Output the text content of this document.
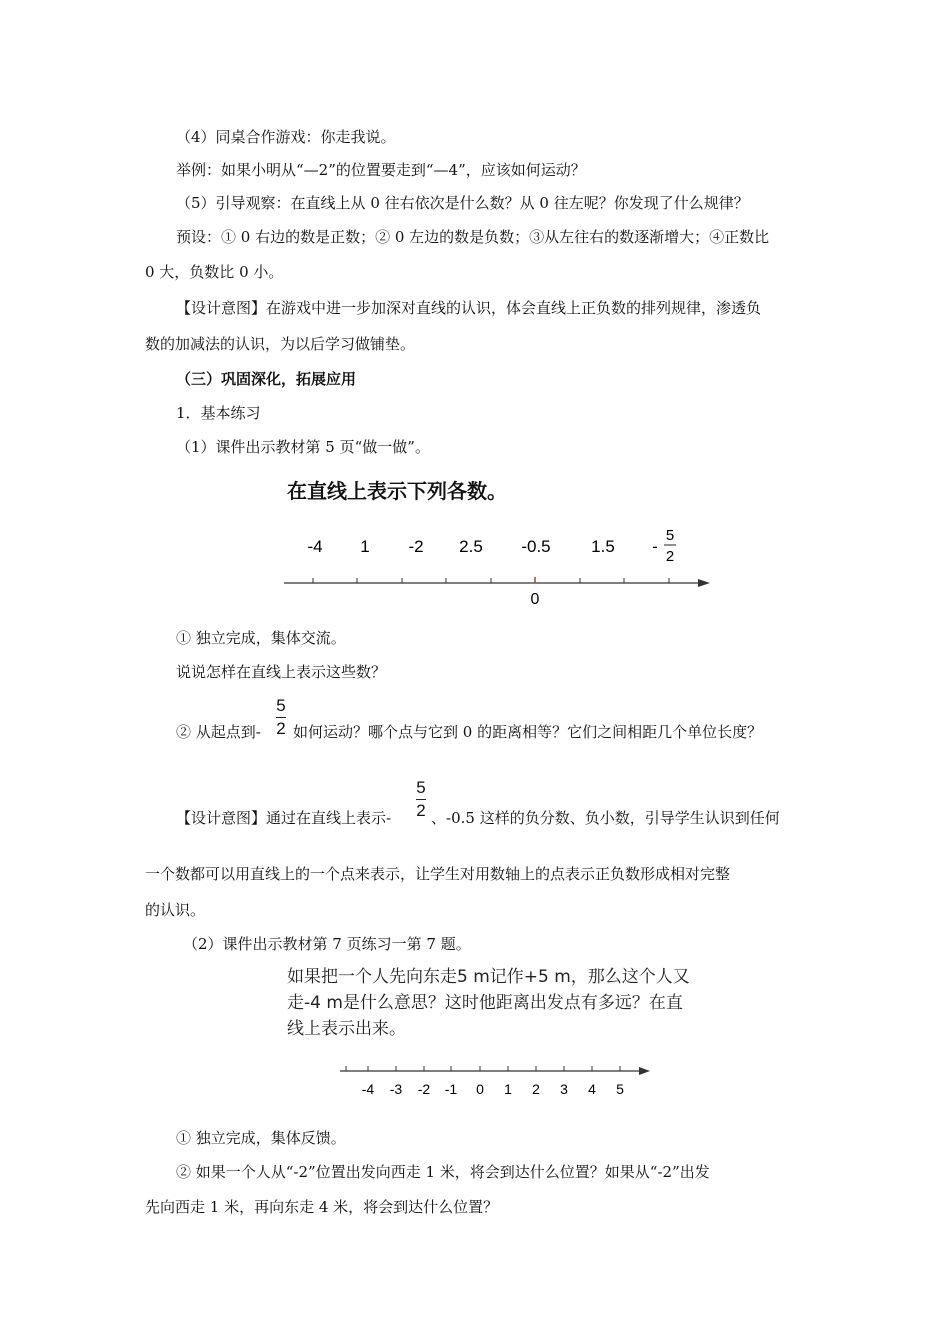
（4）同桌合作游戏：你走我说。
举例：如果小明从“—2”的位置要走到“—4”，应该如何运动？
（5）引导观察：在直线上从 0 往右依次是什么数？从 0 往左呢？你发现了什么规律？
预设：① 0 右边的数是正数；② 0 左边的数是负数；③从左往右的数逐渐增大；④正数比
0 大，负数比 0 小。
【设计意图】在游戏中进一步加深对直线的认识，体会直线上正负数的排列规律，渗透负
数的加减法的认识，为以后学习做铺垫。
（三）巩固深化，拓展应用
1．基本练习
（1）课件出示教材第 5 页“做一做”。
在直线上表示下列各数。
-4 1 -2 2.5 -0.5 1.5 -
5
2
0
① 独立完成，集体交流。
说说怎样在直线上表示这些数？
② 从起点到-
5
2 如何运动？哪个点与它到 0 的距离相等？它们之间相距几个单位长度？
【设计意图】通过在直线上表示-
5
2 、-0.5 这样的负分数、负小数，引导学生认识到任何
一个数都可以用直线上的一个点来表示，让学生对用数轴上的点表示正负数形成相对完整
的认识。
（2）课件出示教材第 7 页练习一第 7 题。
如果把一个人先向东走5 m记作+5 m，那么这个人又
走-4 m是什么意思？这时他距离出发点有多远？在直
线上表示出来。
-4 -3 -2 -1 0 1 2 3 4 5
① 独立完成，集体反馈。
② 如果一个人从“-2”位置出发向西走 1 米，将会到达什么位置？如果从“-2”出发
先向西走 1 米，再向东走 4 米，将会到达什么位置？
